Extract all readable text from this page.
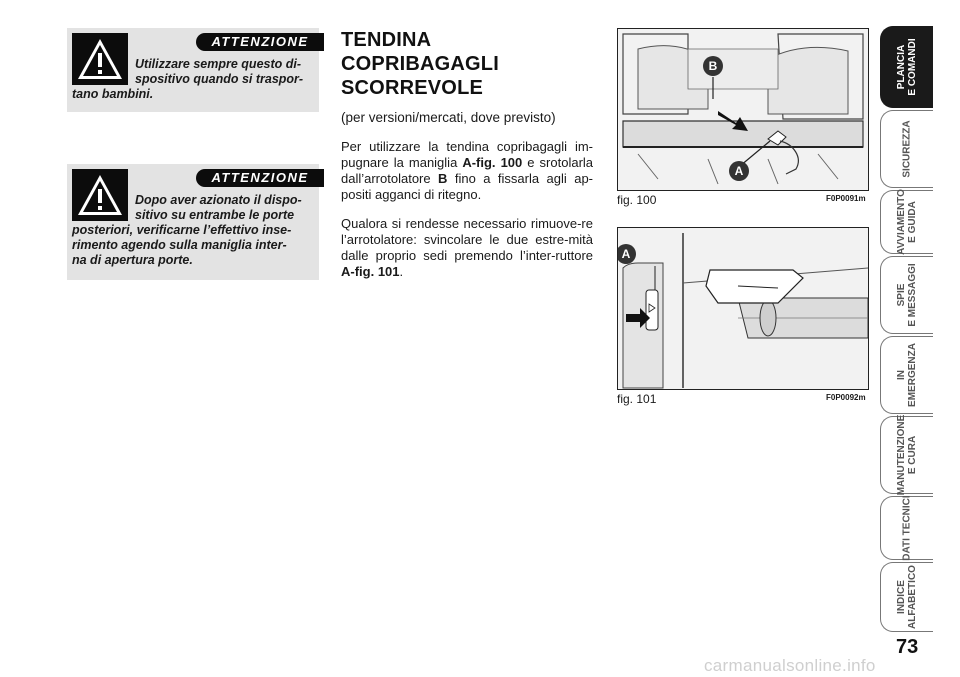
ATTENZIONE
Utilizzare sempre questo di-
spositivo quando si traspor-
tano bambini.
ATTENZIONE
Dopo aver azionato il dispo-
sitivo su entrambe le porte
posteriori, verificarne l’effettivo inse-
rimento agendo sulla maniglia inter-
na di apertura porte.
TENDINA COPRIBAGAGLI
SCORREVOLE
(per versioni/mercati, dove previsto)

Per utilizzare la tendina copribagagli im-pugnare la maniglia A-fig. 100 e srotolarla dall’arrotolatore B fino a fissarla agli ap-positi agganci di ritegno.

Qualora si rendesse necessario rimuove-re l’arrotolatore: svincolare le due estre-mità dalle proprio sedi premendo l’inter-ruttore A-fig. 101.

B
A
fig. 100	F0P0091m
A
fig. 101	F0P0092m
PLANCIA
E COMANDI
SICUREZZA

AVVIAMENTO
E GUIDA
SPIE
E MESSAGGI
IN
EMERGENZA
MANUTENZIONE
E CURA
DATI TECNICI

INDICE
ALFABETICO
73
carmanualsonline.info
